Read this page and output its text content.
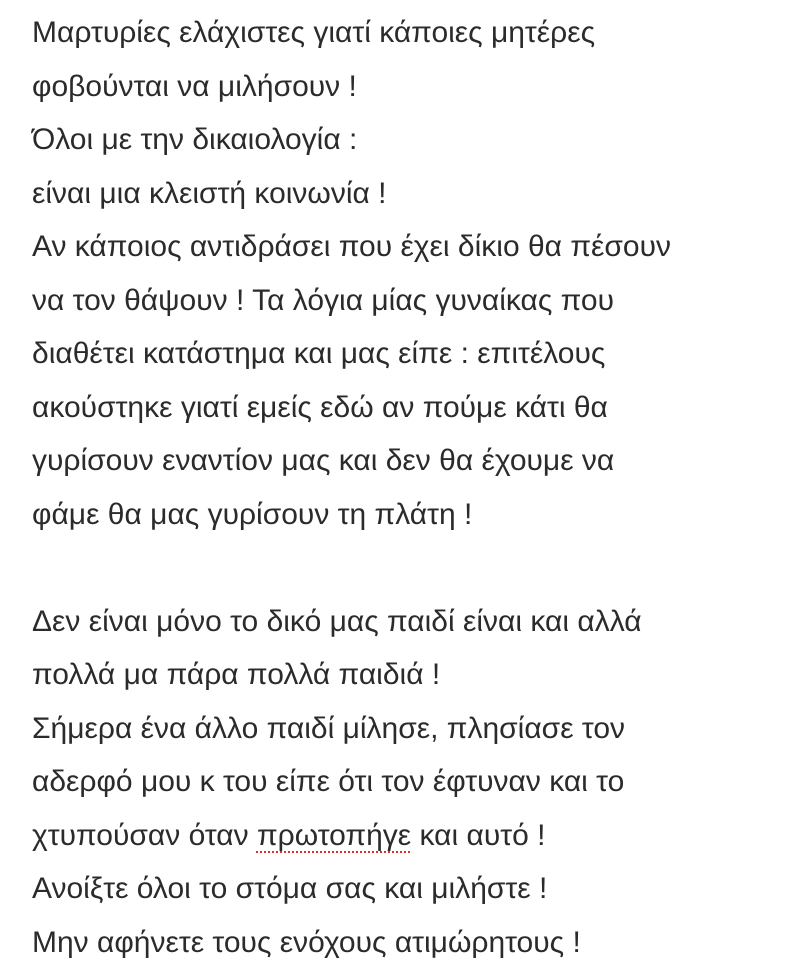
Μαρτυρίες ελάχιστες γιατί κάποιες μητέρες
φοβούνται να μιλήσουν !
Όλοι με την δικαιολογία :
είναι μια κλειστή κοινωνία !
Αν κάποιος αντιδράσει που έχει δίκιο θα πέσουν
να τον θάψουν ! Τα λόγια μίας γυναίκας που
διαθέτει κατάστημα και μας είπε : επιτέλους
ακούστηκε γιατί εμείς εδώ αν πούμε κάτι θα
γυρίσουν εναντίον μας και δεν θα έχουμε να
φάμε θα μας γυρίσουν τη πλάτη !
Δεν είναι μόνο το δικό μας παιδί είναι και αλλά
πολλά μα πάρα πολλά παιδιά !
Σήμερα ένα άλλο παιδί μίλησε, πλησίασε τον
αδερφό μου κ του είπε ότι τον έφτυναν και το
χτυπούσαν όταν πρωτοπήγε και αυτό !
Ανοίξτε όλοι το στόμα σας και μιλήστε !
Μην αφήνετε τους ενόχους ατιμώρητους !
